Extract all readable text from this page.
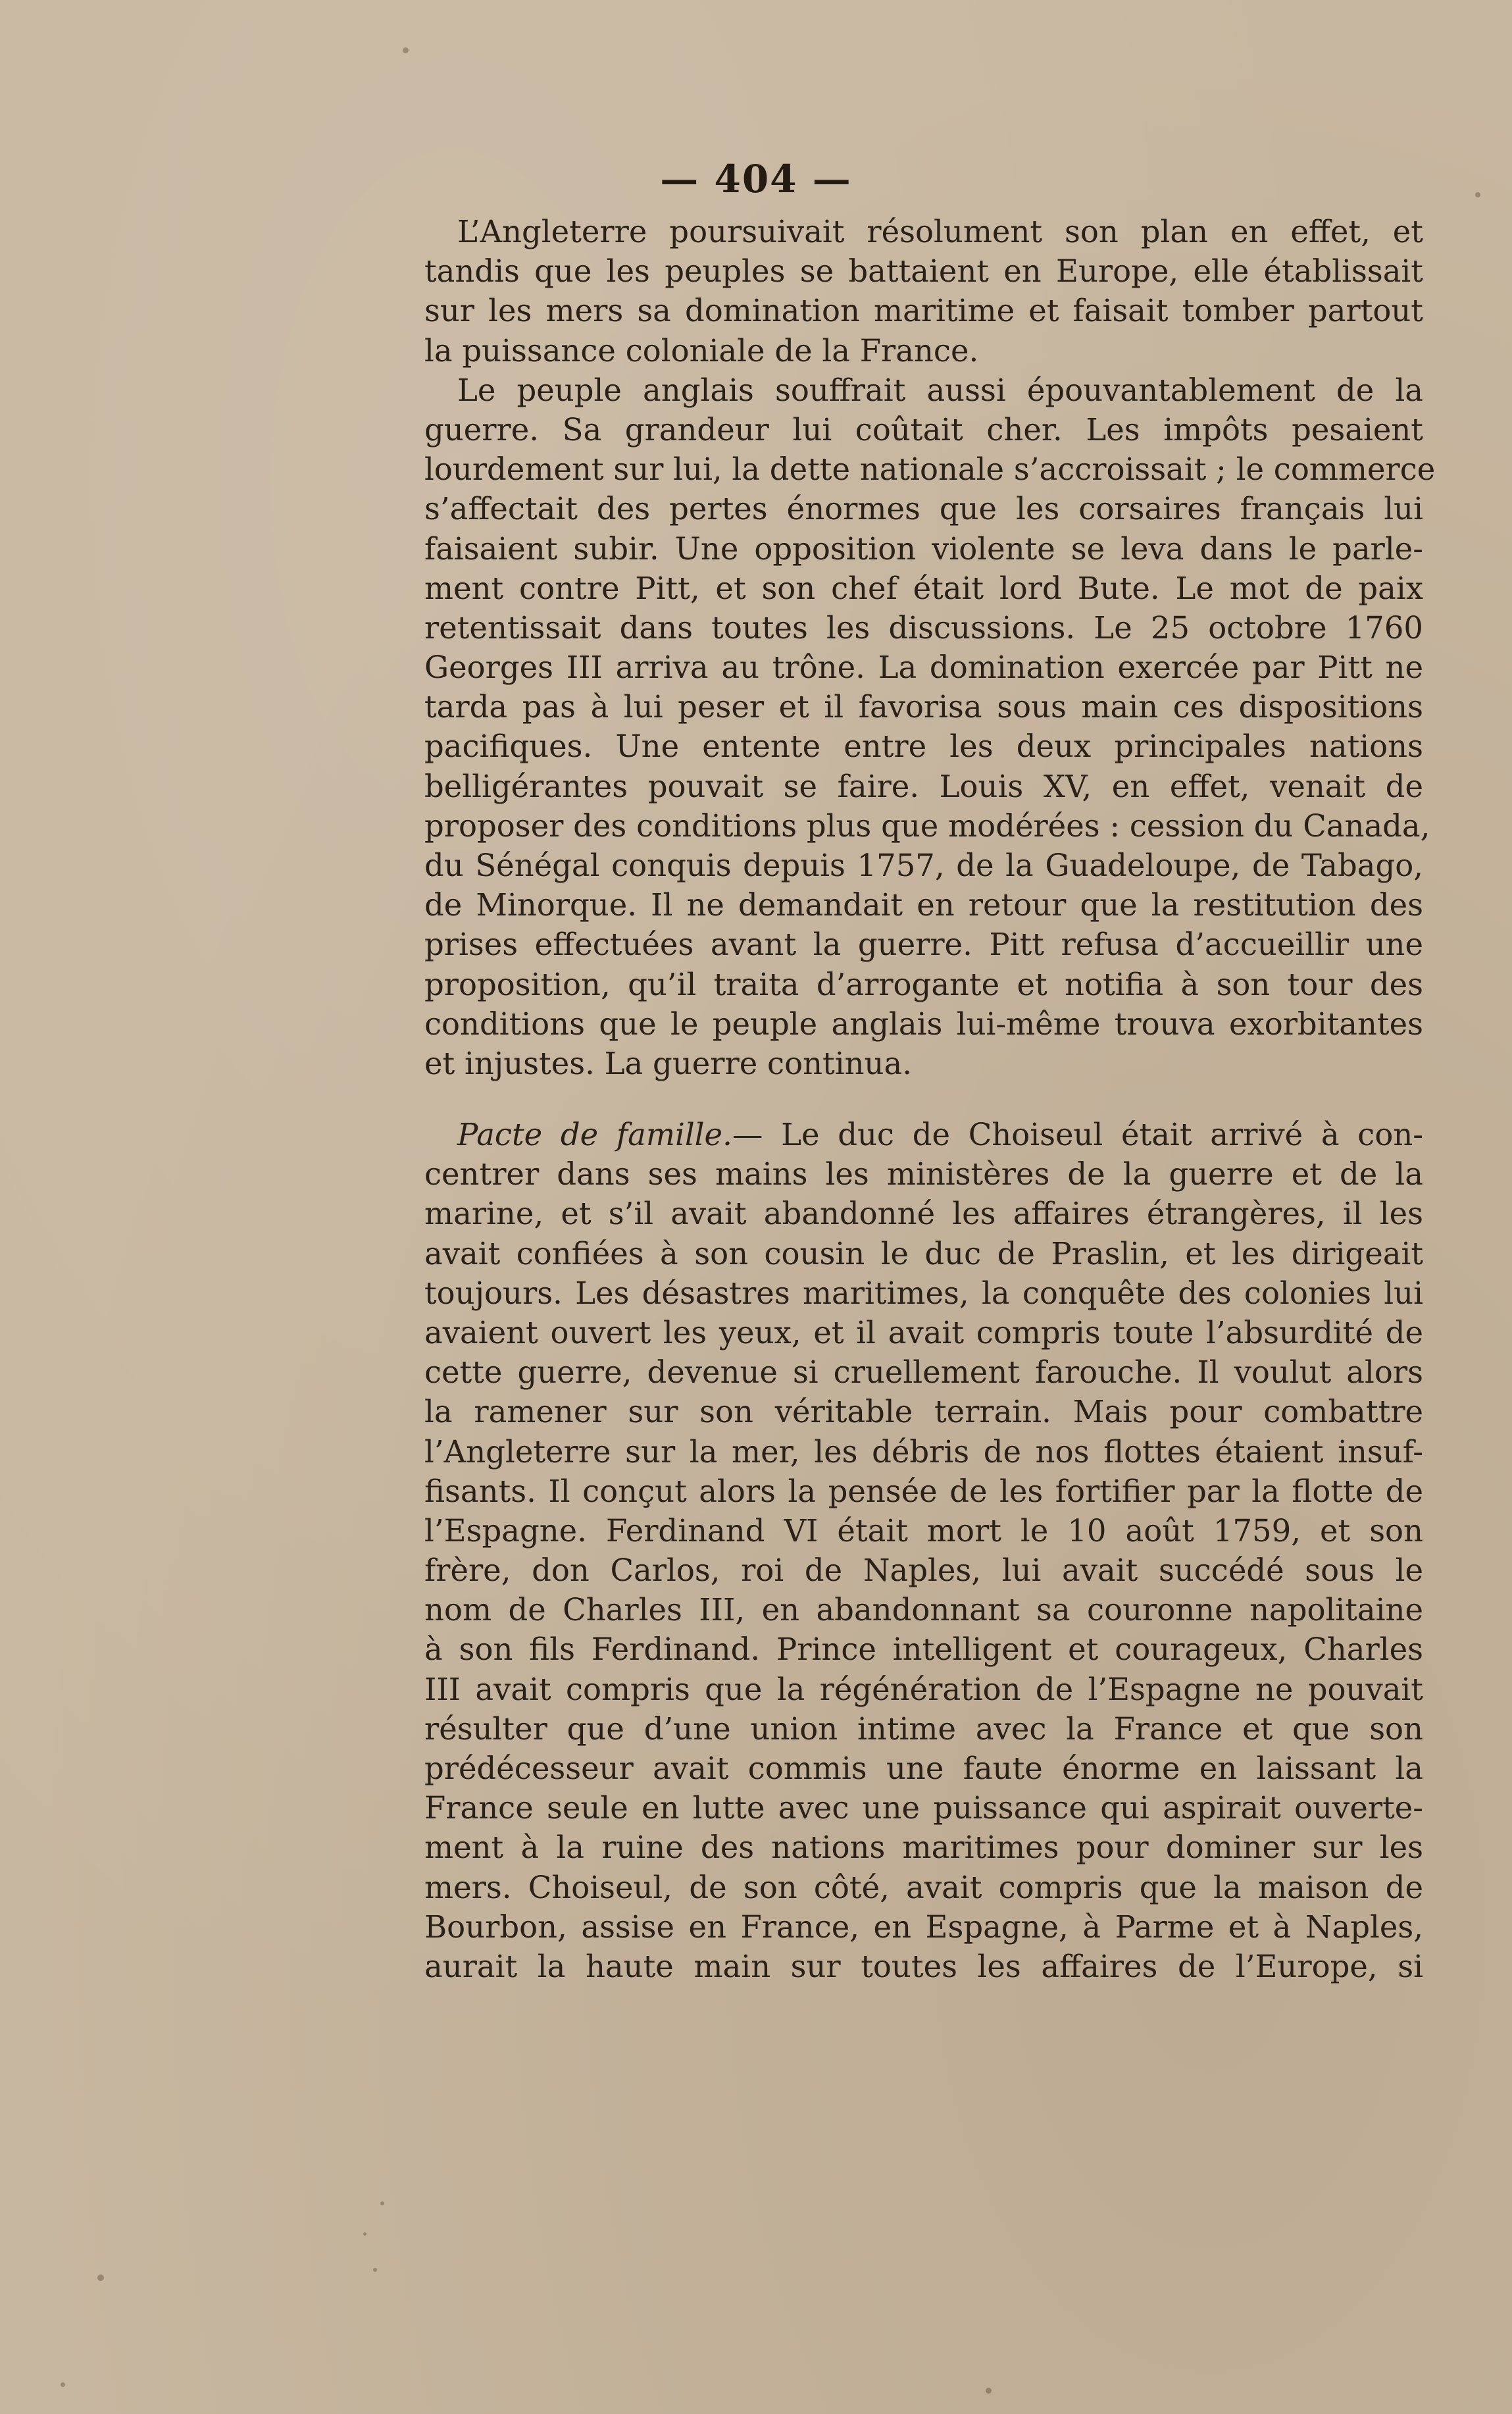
— 404 —
L’Angleterre poursuivait résolument son plan en effet, et
tandis que les peuples se battaient en Europe, elle établissait
sur les mers sa domination maritime et faisait tomber partout
la puissance coloniale de la France.
Le peuple anglais souffrait aussi épouvantablement de la
guerre. Sa grandeur lui coûtait cher. Les impôts pesaient
lourdement sur lui, la dette nationale s’accroissait ; le commerce
s’affectait des pertes énormes que les corsaires français lui
faisaient subir. Une opposition violente se leva dans le parle-
ment contre Pitt, et son chef était lord Bute. Le mot de paix
retentissait dans toutes les discussions. Le 25 octobre 1760
Georges III arriva au trône. La domination exercée par Pitt ne
tarda pas à lui peser et il favorisa sous main ces dispositions
pacifiques. Une entente entre les deux principales nations
belligérantes pouvait se faire. Louis XV, en effet, venait de
proposer des conditions plus que modérées : cession du Canada,
du Sénégal conquis depuis 1757, de la Guadeloupe, de Tabago,
de Minorque. Il ne demandait en retour que la restitution des
prises effectuées avant la guerre. Pitt refusa d’accueillir une
proposition, qu’il traita d’arrogante et notifia à son tour des
conditions que le peuple anglais lui-même trouva exorbitantes
et injustes. La guerre continua.
Pacte de famille.— Le duc de Choiseul était arrivé à con-
centrer dans ses mains les ministères de la guerre et de la
marine, et s’il avait abandonné les affaires étrangères, il les
avait confiées à son cousin le duc de Praslin, et les dirigeait
toujours. Les désastres maritimes, la conquête des colonies lui
avaient ouvert les yeux, et il avait compris toute l’absurdité de
cette guerre, devenue si cruellement farouche. Il voulut alors
la ramener sur son véritable terrain. Mais pour combattre
l’Angleterre sur la mer, les débris de nos flottes étaient insuf-
fisants. Il conçut alors la pensée de les fortifier par la flotte de
l’Espagne. Ferdinand VI était mort le 10 août 1759, et son
frère, don Carlos, roi de Naples, lui avait succédé sous le
nom de Charles III, en abandonnant sa couronne napolitaine
à son fils Ferdinand. Prince intelligent et courageux, Charles
III avait compris que la régénération de l’Espagne ne pouvait
résulter que d’une union intime avec la France et que son
prédécesseur avait commis une faute énorme en laissant la
France seule en lutte avec une puissance qui aspirait ouverte-
ment à la ruine des nations maritimes pour dominer sur les
mers. Choiseul, de son côté, avait compris que la maison de
Bourbon, assise en France, en Espagne, à Parme et à Naples,
aurait la haute main sur toutes les affaires de l’Europe, si
